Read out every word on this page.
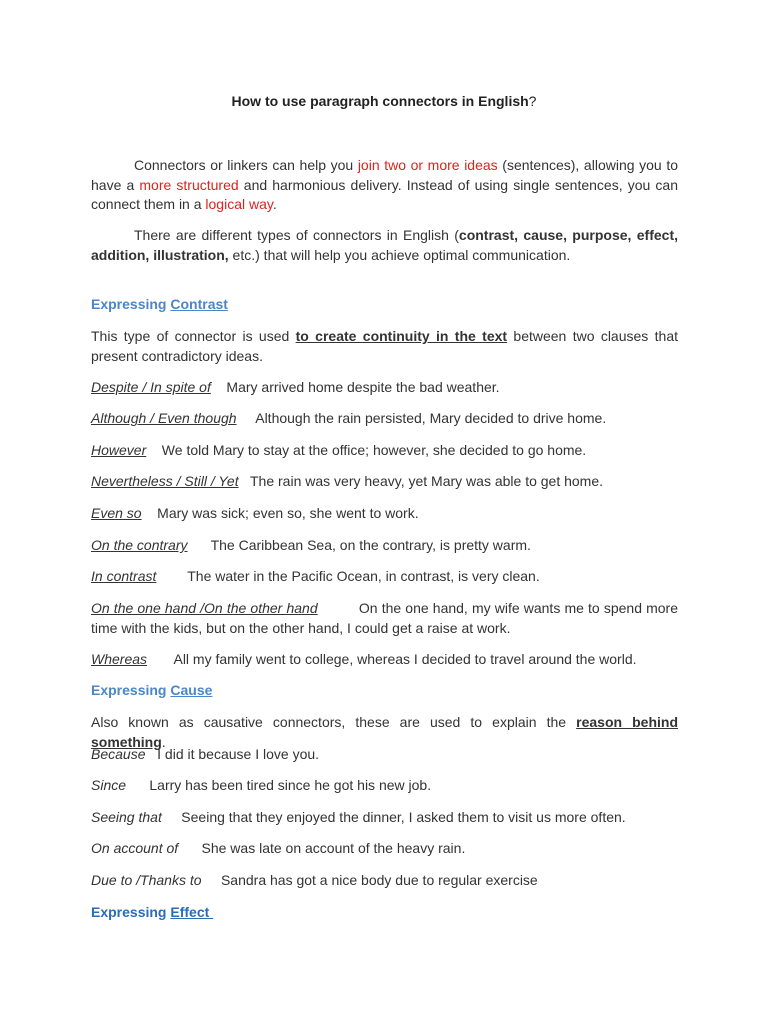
How to use paragraph connectors in English?

Connectors or linkers can help you join two or more ideas (sentences), allowing you to have a more structured and harmonious delivery. Instead of using single sentences, you can connect them in a logical way.

There are different types of connectors in English (contrast, cause, purpose, effect, addition, illustration, etc.) that will help you achieve optimal communication.

Expressing Contrast

This type of connector is used to create continuity in the text between two clauses that present contradictory ideas.

Despite / In spite of    Mary arrived home despite the bad weather.

Although / Even though     Although the rain persisted, Mary decided to drive home.

However    We told Mary to stay at the office; however, she decided to go home.

Nevertheless / Still / Yet   The rain was very heavy, yet Mary was able to get home.

Even so    Mary was sick; even so, she went to work.

On the contrary      The Caribbean Sea, on the contrary, is pretty warm.

In contrast        The water in the Pacific Ocean, in contrast, is very clean.

On the one hand /On the other hand          On the one hand, my wife wants me to spend more time with the kids, but on the other hand, I could get a raise at work.

Whereas       All my family went to college, whereas I decided to travel around the world.

Expressing Cause

Also known as causative connectors, these are used to explain the reason behind something.

Because   I did it because I love you.

Since      Larry has been tired since he got his new job.

Seeing that     Seeing that they enjoyed the dinner, I asked them to visit us more often.

On account of      She was late on account of the heavy rain.

Due to /Thanks to     Sandra has got a nice body due to regular exercise

Expressing Effect
